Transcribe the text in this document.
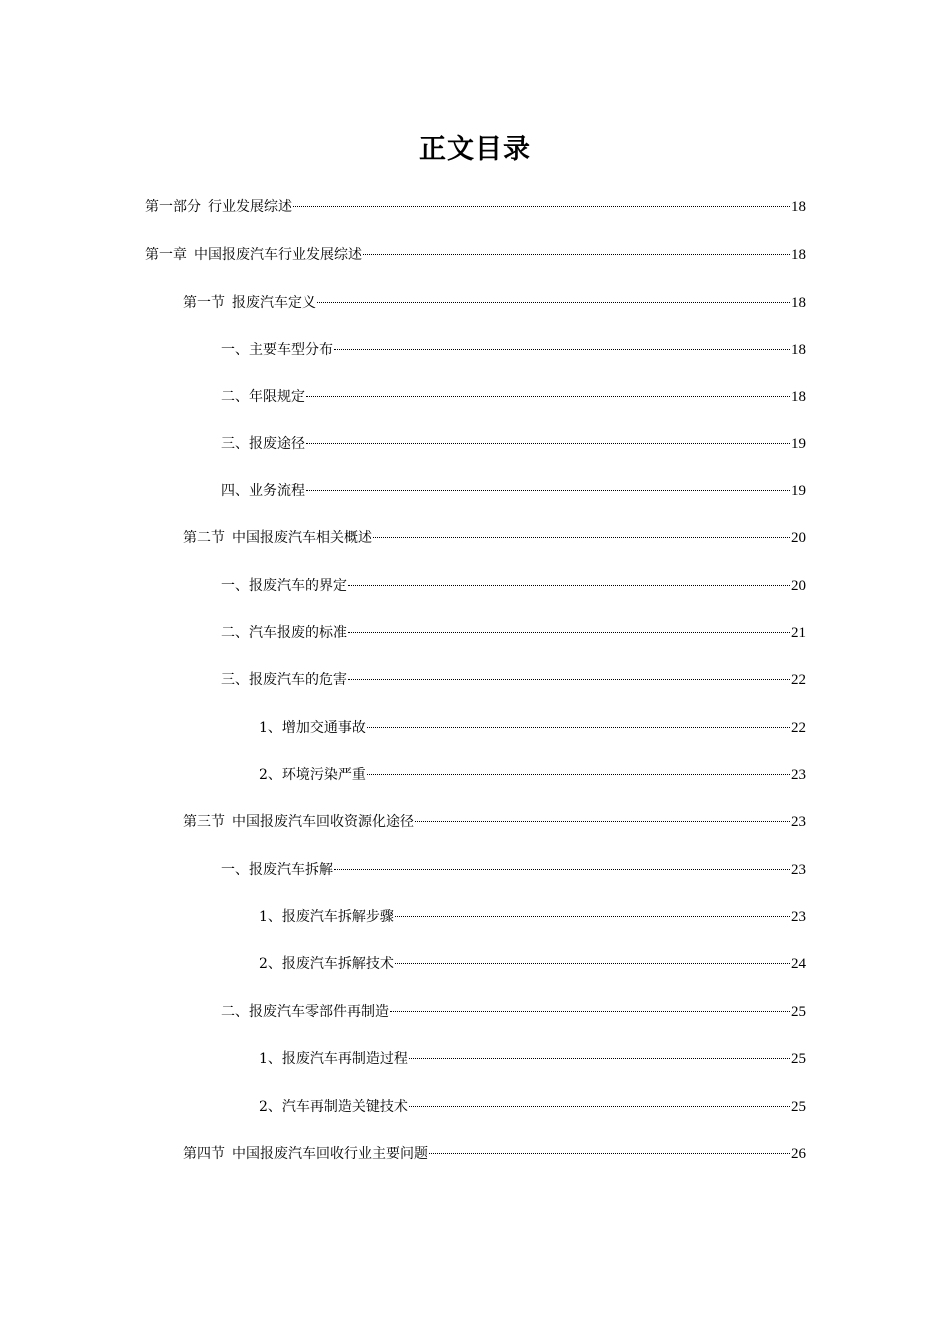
正文目录
第一部分 行业发展综述	18
第一章 中国报废汽车行业发展综述	18
第一节 报废汽车定义	18
一、主要车型分布	18
二、年限规定	18
三、报废途径	19
四、业务流程	19
第二节 中国报废汽车相关概述	20
一、报废汽车的界定	20
二、汽车报废的标准	21
三、报废汽车的危害	22
1、增加交通事故	22
2、环境污染严重	23
第三节 中国报废汽车回收资源化途径	23
一、报废汽车拆解	23
1、报废汽车拆解步骤	23
2、报废汽车拆解技术	24
二、报废汽车零部件再制造	25
1、报废汽车再制造过程	25
2、汽车再制造关键技术	25
第四节 中国报废汽车回收行业主要问题	26
